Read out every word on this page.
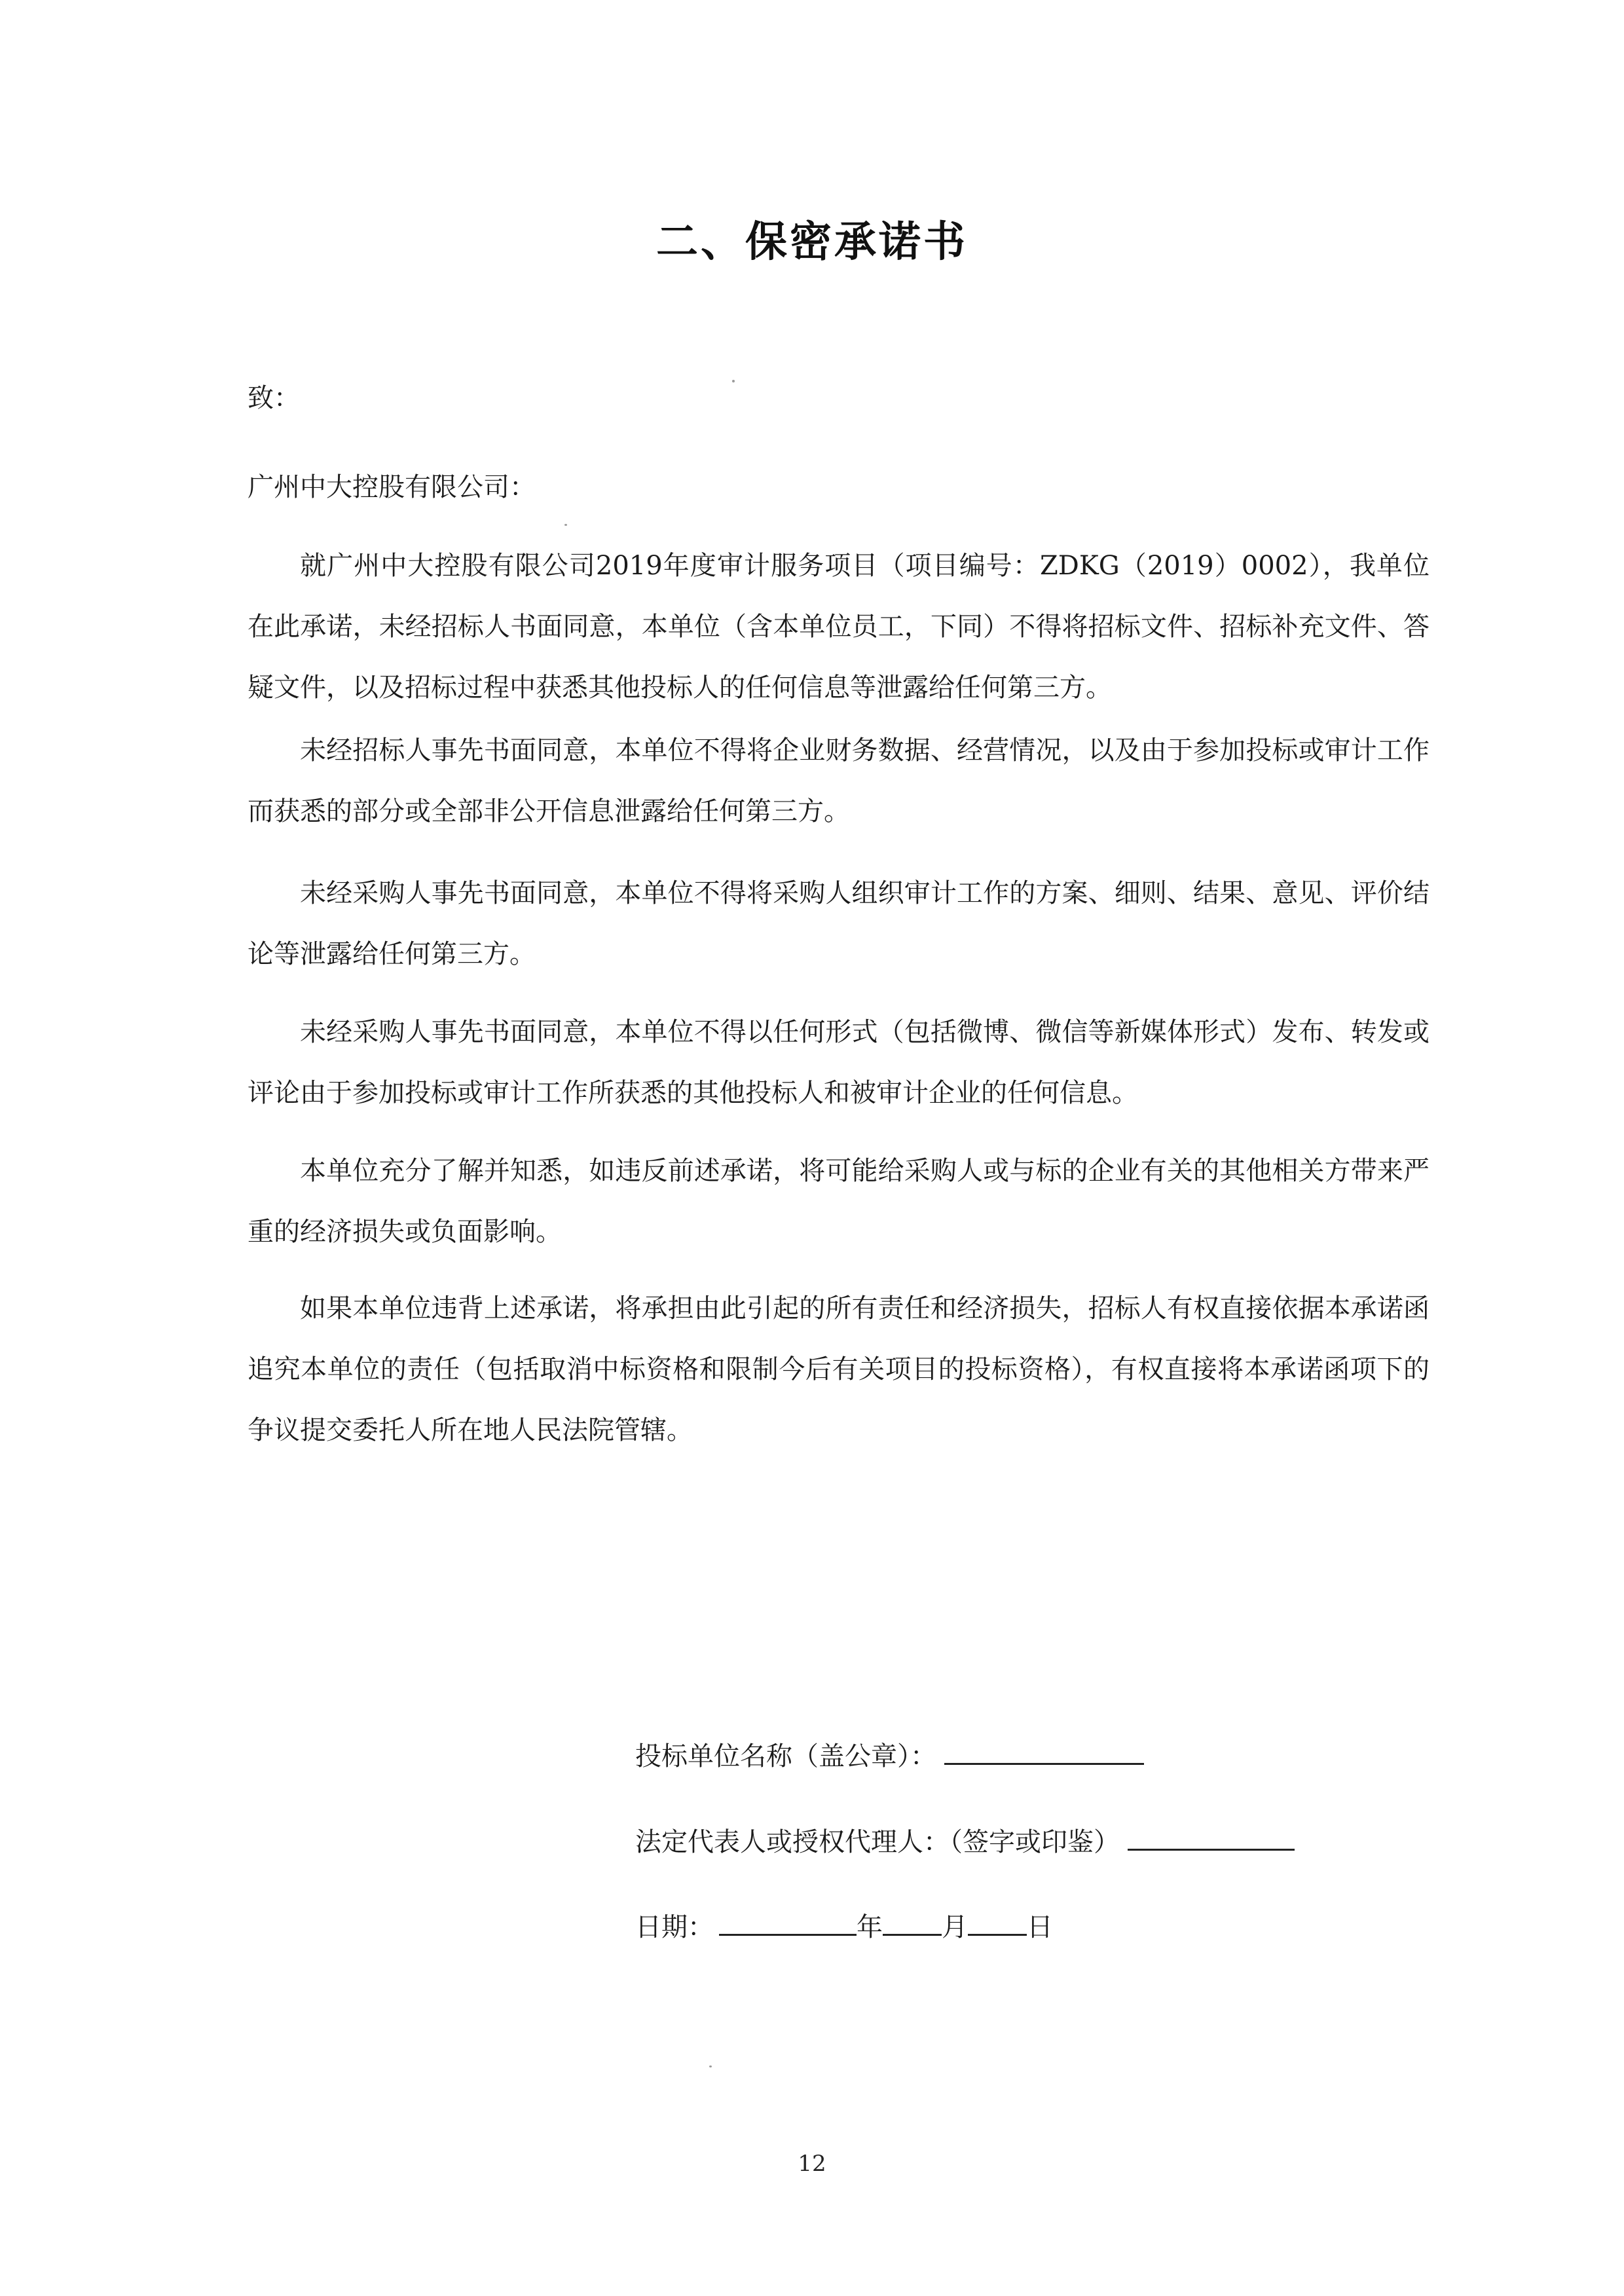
二、保密承诺书
致：
广州中大控股有限公司：
就广州中大控股有限公司2019年度审计服务项目（项目编号：ZDKG（2019）0002），我单位在此承诺，未经招标人书面同意，本单位（含本单位员工，下同）不得将招标文件、招标补充文件、答疑文件，以及招标过程中获悉其他投标人的任何信息等泄露给任何第三方。
未经招标人事先书面同意，本单位不得将企业财务数据、经营情况，以及由于参加投标或审计工作而获悉的部分或全部非公开信息泄露给任何第三方。
未经采购人事先书面同意，本单位不得将采购人组织审计工作的方案、细则、结果、意见、评价结论等泄露给任何第三方。
未经采购人事先书面同意，本单位不得以任何形式（包括微博、微信等新媒体形式）发布、转发或评论由于参加投标或审计工作所获悉的其他投标人和被审计企业的任何信息。
本单位充分了解并知悉，如违反前述承诺，将可能给采购人或与标的企业有关的其他相关方带来严重的经济损失或负面影响。
如果本单位违背上述承诺，将承担由此引起的所有责任和经济损失，招标人有权直接依据本承诺函追究本单位的责任（包括取消中标资格和限制今后有关项目的投标资格），有权直接将本承诺函项下的争议提交委托人所在地人民法院管辖。
投标单位名称（盖公章）：
法定代表人或授权代理人：（签字或印鉴）
日期：	年 月 日
12
